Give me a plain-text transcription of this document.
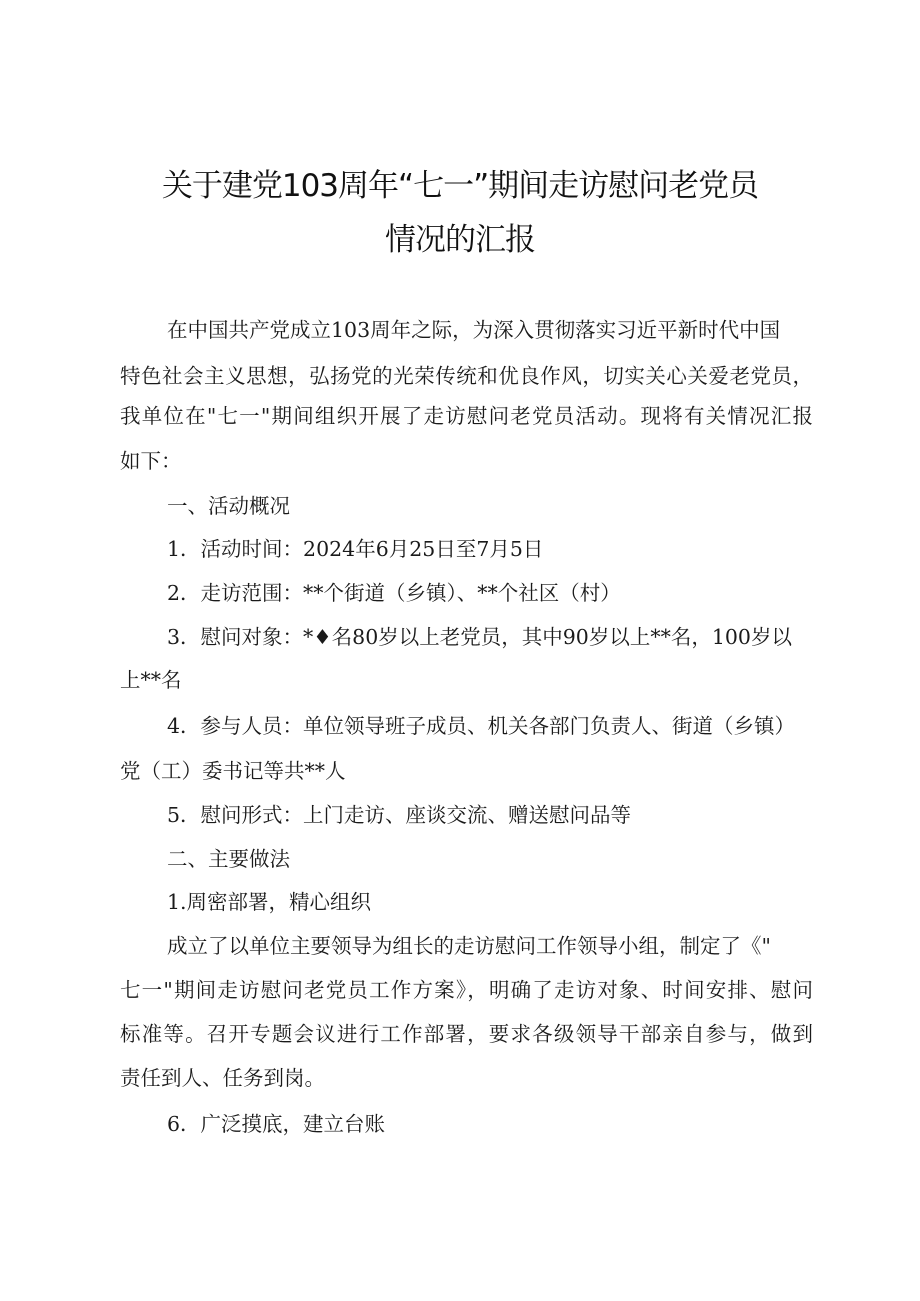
关于建党103周年“七一”期间走访慰问老党员
情况的汇报
在中国共产党成立103周年之际，为深入贯彻落实习近平新时代中国
特色社会主义思想，弘扬党的光荣传统和优良作风，切实关心关爱老党员，
我单位在"七一"期间组织开展了走访慰问老党员活动。现将有关情况汇报
如下：
一、活动概况
1．活动时间：2024年6月25日至7月5日
2．走访范围：**个街道（乡镇）、**个社区（村）
3．慰问对象：*♦名80岁以上老党员，其中90岁以上**名，100岁以
上**名
4．参与人员：单位领导班子成员、机关各部门负责人、街道（乡镇）
党（工）委书记等共**人
5．慰问形式：上门走访、座谈交流、赠送慰问品等
二、主要做法
1.周密部署，精心组织
成立了以单位主要领导为组长的走访慰问工作领导小组，制定了《"
七一"期间走访慰问老党员工作方案》，明确了走访对象、时间安排、慰问
标准等。召开专题会议进行工作部署，要求各级领导干部亲自参与，做到
责任到人、任务到岗。
6．广泛摸底，建立台账
